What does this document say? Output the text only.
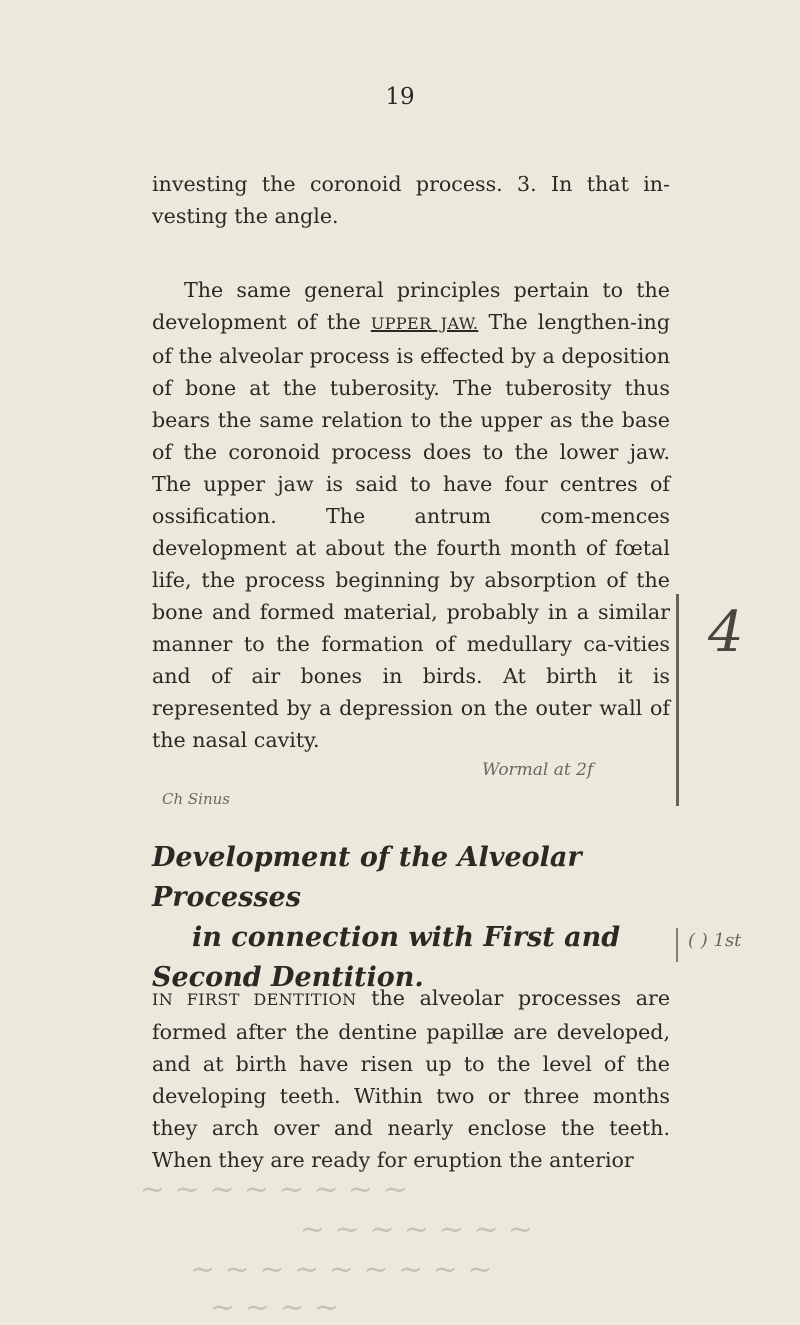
19
investing the coronoid process. 3. In that in-vesting the angle.
The same general principles pertain to the development of the UPPER JAW. The lengthen-ing of the alveolar process is effected by a deposition of bone at the tuberosity. The tuberosity thus bears the same relation to the upper as the base of the coronoid process does to the lower jaw. The upper jaw is said to have four centres of ossification. The antrum com-mences development at about the fourth month of fœtal life, the process beginning by absorption of the bone and formed material, probably in a similar manner to the formation of medullary ca-vities and of air bones in birds. At birth it is represented by a depression on the outer wall of the nasal cavity.
4
Wormal at 2f
Ch Sinus
Development of the Alveolar Processes
in connection with First and
Second Dentition.
( ) 1st
IN FIRST DENTITION the alveolar processes are formed after the dentine papillæ are developed, and at birth have risen up to the level of the developing teeth. Within two or three months they arch over and nearly enclose the teeth. When they are ready for eruption the anterior
~ ~ ~ ~ ~ ~ ~ ~
~ ~ ~ ~ ~ ~ ~
~ ~ ~ ~ ~ ~ ~ ~ ~
~ ~ ~ ~
